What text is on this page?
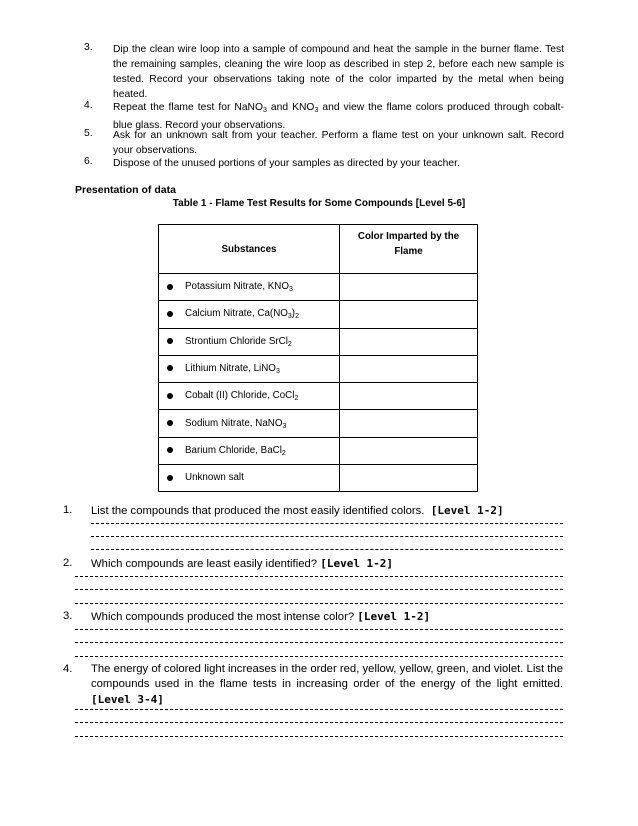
3.	Dip the clean wire loop into a sample of compound and heat the sample in the burner flame. Test the remaining samples, cleaning the wire loop as described in step 2, before each new sample is tested. Record your observations taking note of the color imparted by the metal when being heated.
4.	Repeat the flame test for NaNO$_3$ and $KNO_3$ and view the flame colors produced through cobalt-blue glass. Record your observations.
5.	Ask for an unknown salt from your teacher. Perform a flame test on your unknown salt. Record your observations.
6.	Dispose of the unused portions of your samples as directed by your teacher.
Presentation of data
Table 1 - Flame Test Results for Some Compounds [Level 5-6]
Substances	Color Imparted by the
Flame
Potassium Nitrate, $KNO_3$	
Calcium Nitrate, $Ca(NO_3)_2$	
Strontium Chloride SrCl$_2$	
Lithium Nitrate, LiNO$_3$	
Cobalt (II) Chloride, CoCl$_2$	
Sodium Nitrate, NaNO$_3$	
Barium Chloride, BaCl$_2$	
Unknown salt	
1. List the compounds that produced the most easily identified colors. [Level 1-2]
2. Which compounds are least easily identified? [Level 1-2]
3. Which compounds produced the most intense color? [Level 1-2]
4. The energy of colored light increases in the order red, yellow, yellow, green, and violet. List the compounds used in the flame tests in increasing order of the energy of the light emitted. [Level 3-4]
